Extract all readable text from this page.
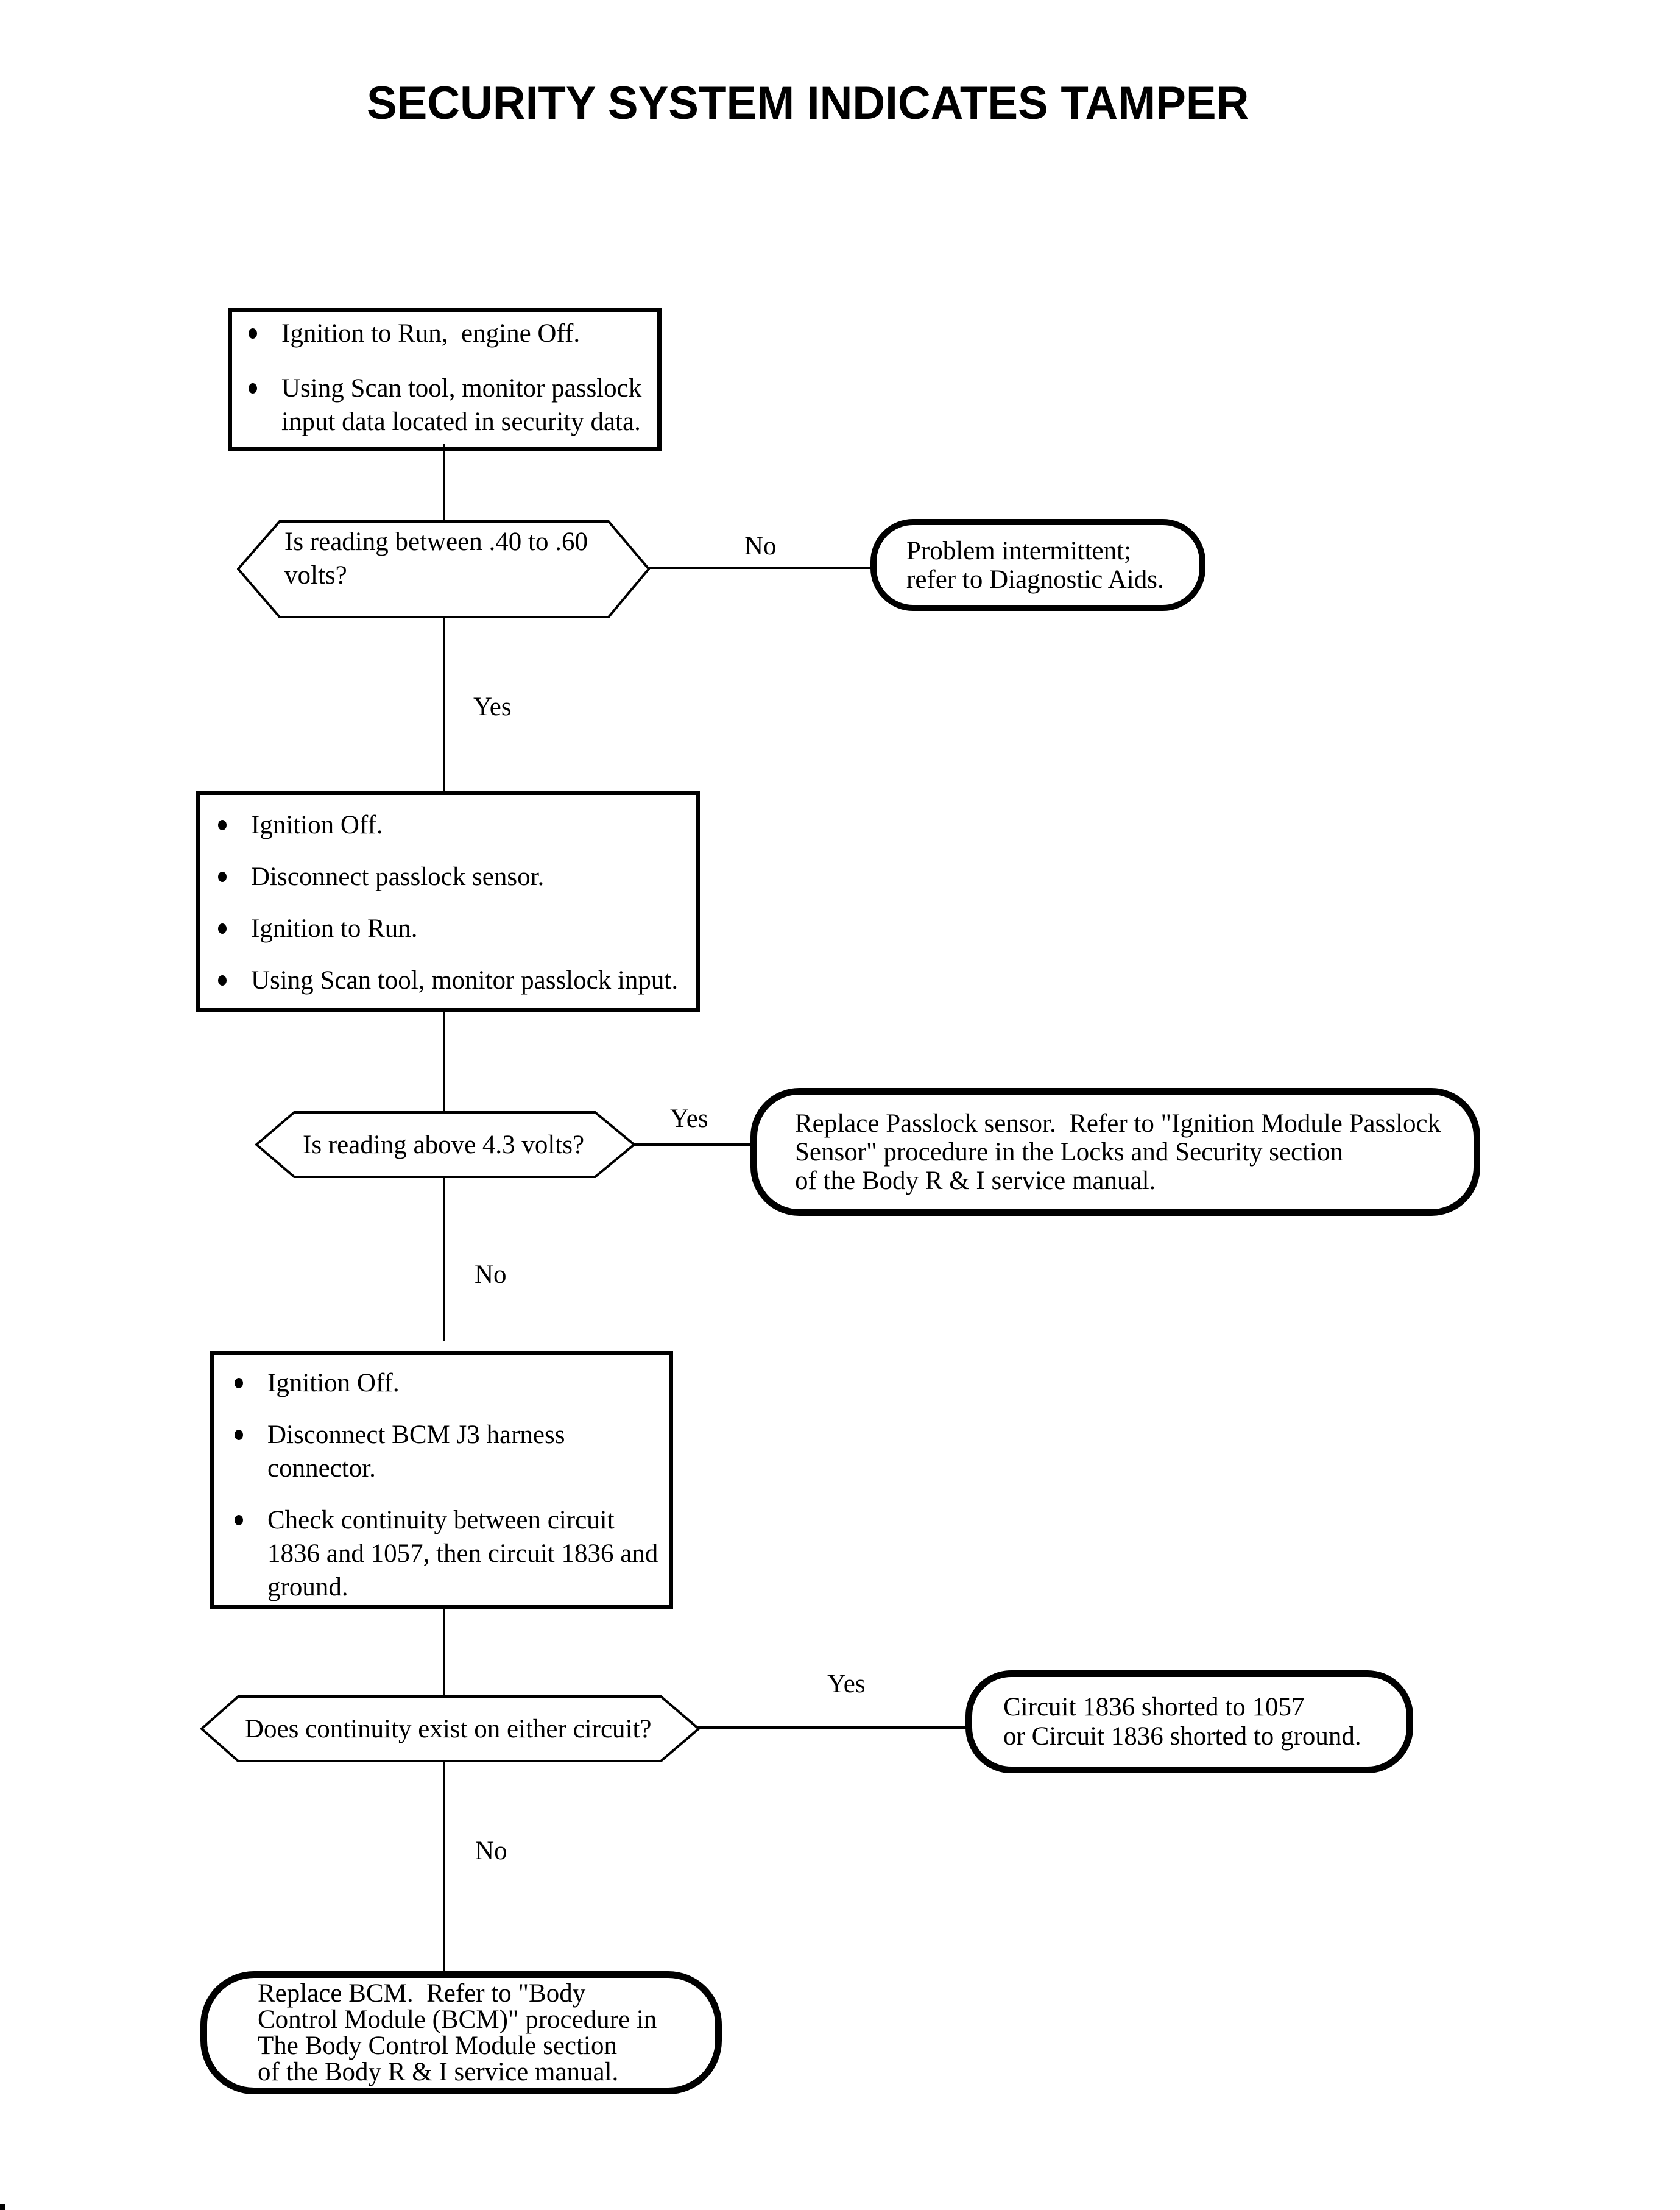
SECURITY SYSTEM INDICATES TAMPER
Ignition to Run,  engine Off.
Using Scan tool, monitor passlock
input data located in security data.
Is reading between .40 to .60
volts?
No	Problem intermittent;
refer to Diagnostic Aids.
Yes
Ignition Off.
Disconnect passlock sensor.
Ignition to Run.
Using Scan tool, monitor passlock input.
Is reading above 4.3 volts?
Yes	Replace Passlock sensor.  Refer to "Ignition Module Passlock
Sensor" procedure in the Locks and Security section
of the Body R & I service manual.
No
Ignition Off.
Disconnect BCM J3 harness
connector.
Check continuity between circuit
1836 and 1057, then circuit 1836 and
ground.
Does continuity exist on either circuit?
Yes
Circuit 1836 shorted to 1057
or Circuit 1836 shorted to ground.
No
Replace BCM.  Refer to "Body
Control Module (BCM)" procedure in
The Body Control Module section
of the Body R & I service manual.
